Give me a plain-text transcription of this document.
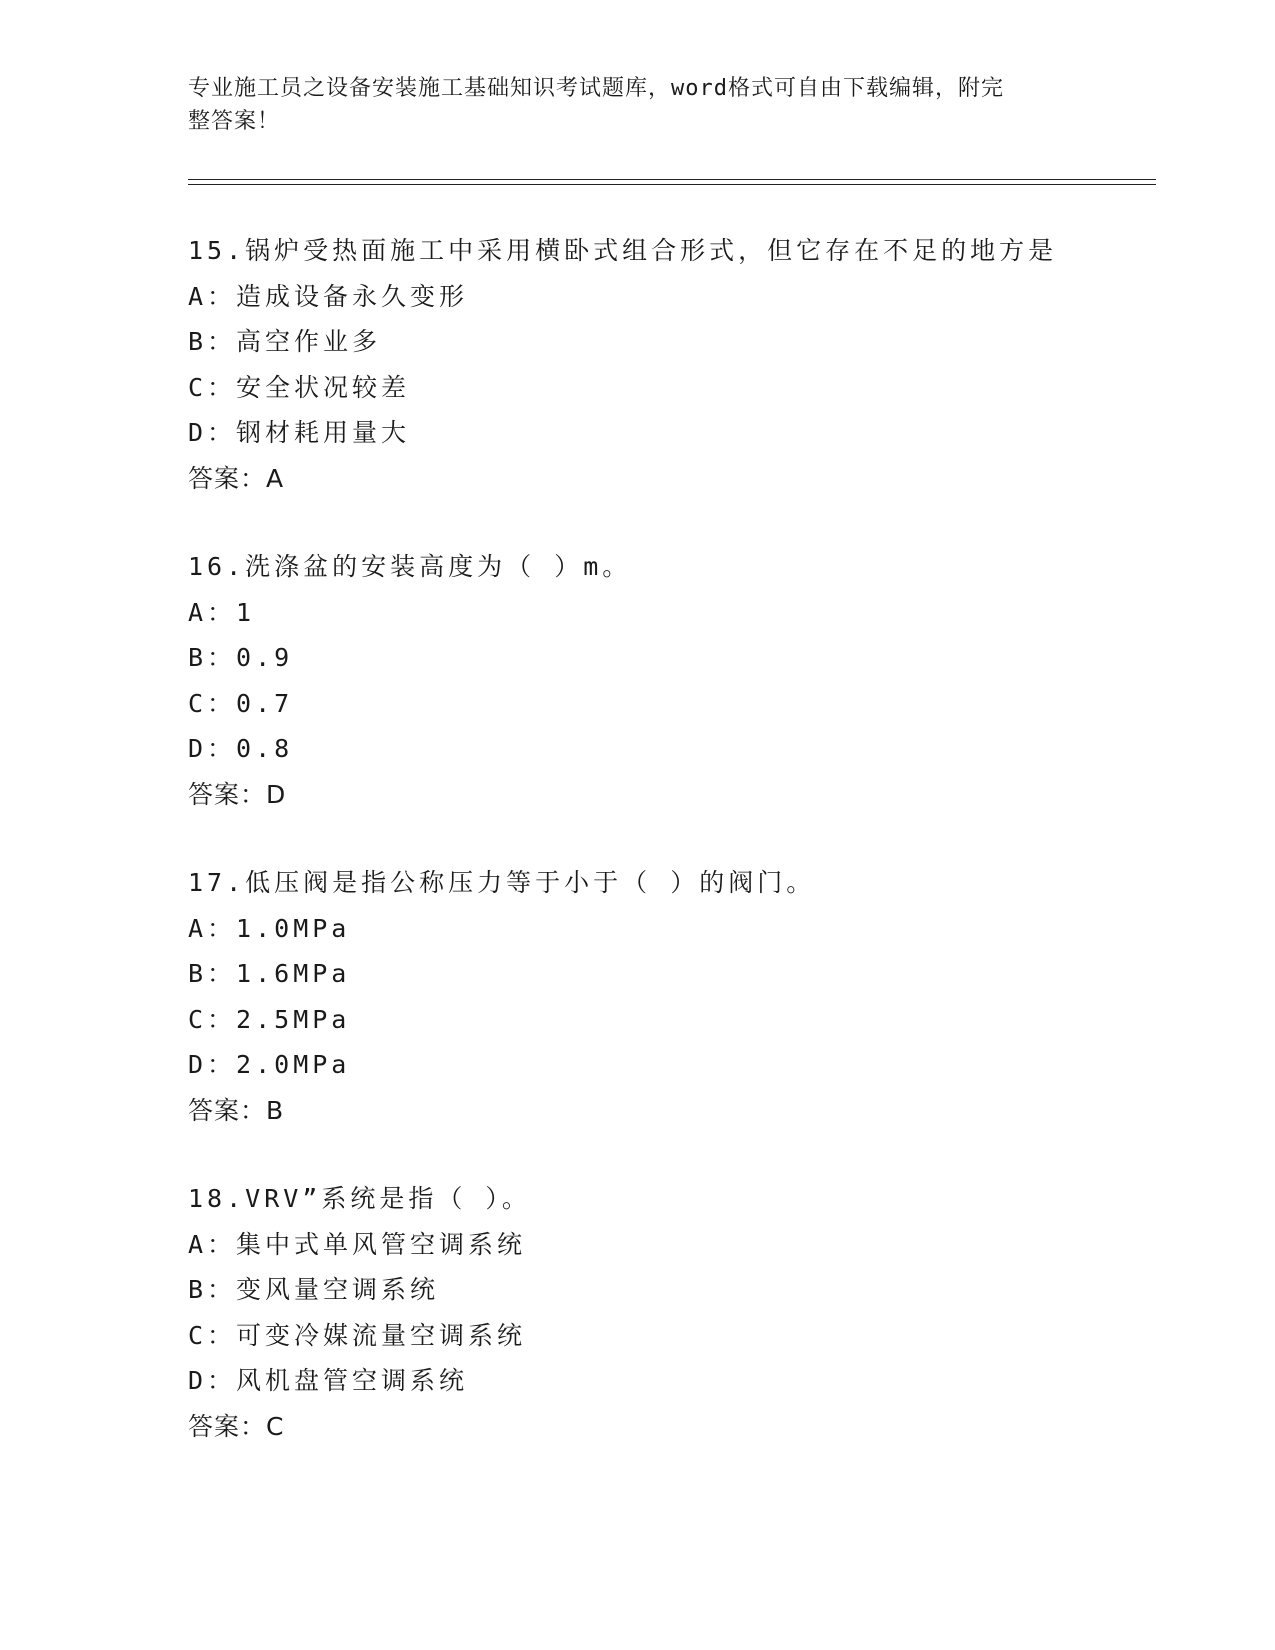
专业施工员之设备安装施工基础知识考试题库，word格式可自由下载编辑，附完
整答案！
15.锅炉受热面施工中采用横卧式组合形式，但它存在不足的地方是
A：造成设备永久变形
B：高空作业多
C：安全状况较差
D：钢材耗用量大
答案：A
16.洗涤盆的安装高度为（ ）m。
A：1
B：0.9
C：0.7
D：0.8
答案：D
17.低压阀是指公称压力等于小于（ ）的阀门。
A：1.0MPa
B：1.6MPa
C：2.5MPa
D：2.0MPa
答案：B
18.VRV”系统是指（ ）。
A：集中式单风管空调系统
B：变风量空调系统
C：可变冷媒流量空调系统
D：风机盘管空调系统
答案：C
